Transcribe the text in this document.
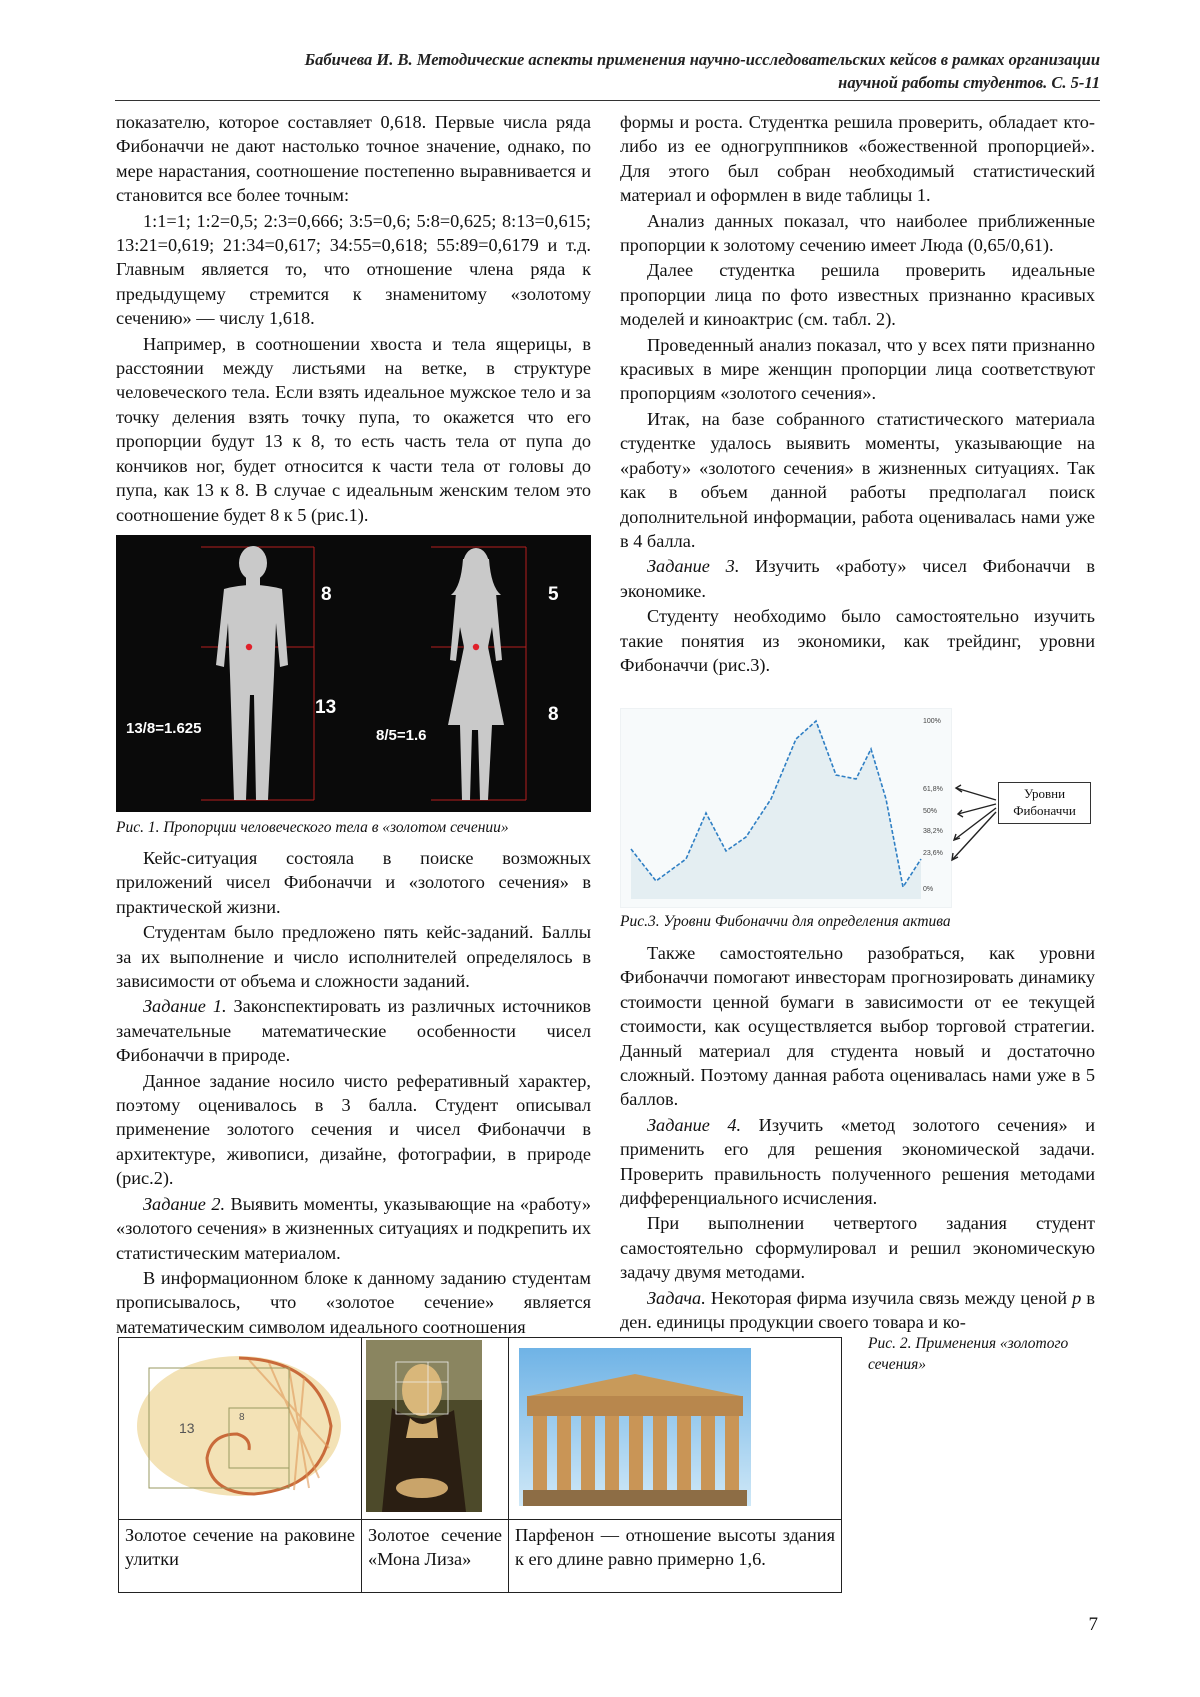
Бабичева И. В. Методические аспекты применения научно-исследовательских кейсов в рамках организации
научной работы студентов. С. 5-11

показателю, которое составляет 0,618. Первые числа ряда Фибоначчи не дают настолько точное значение, однако, по мере нарастания, соотношение постепенно выравнивается и становится все более точным:

1:1=1; 1:2=0,5; 2:3=0,666; 3:5=0,6; 5:8=0,625; 8:13=0,615; 13:21=0,619; 21:34=0,617; 34:55=0,618; 55:89=0,6179 и т.д. Главным является то, что отношение члена ряда к предыдущему стремится к знаменитому «золотому сечению» — числу 1,618.

Например, в соотношении хвоста и тела ящерицы, в расстоянии между листьями на ветке, в структуре человеческого тела. Если взять идеальное мужское тело и за точку деления взять точку пупа, то окажется что его пропорции будут 13 к 8, то есть часть тела от пупа до кончиков ног, будет относится к части тела от головы до пупа, как 13 к 8. В случае с идеальным женским телом это соотношение будет 8 к 5 (рис.1).

8
13
13/8=1.625
5
8
8/5=1.6
Рис. 1. Пропорции человеческого тела в «золотом сечении»

Кейс-ситуация состояла в поиске возможных приложений чисел Фибоначчи и «золотого сечения» в практической жизни.

Студентам было предложено пять кейс-заданий. Баллы за их выполнение и число исполнителей определялось в зависимости от объема и сложности заданий.

Задание 1. Законспектировать из различных источников замечательные математические особенности чисел Фибоначчи в природе.

Данное задание носило чисто реферативный характер, поэтому оценивалось в 3 балла. Студент описывал применение золотого сечения и чисел Фибоначчи в архитектуре, живописи, дизайне, фотографии, в природе (рис.2).

Задание 2. Выявить моменты, указывающие на «работу» «золотого сечения» в жизненных ситуациях и подкрепить их статистическим материалом.

В информационном блоке к данному заданию студентам прописывалось, что «золотое сечение» является математическим символом идеального соотношения

формы и роста. Студентка решила проверить, обладает кто-либо из ее одногруппников «божественной пропорцией». Для этого был собран необходимый статистический материал и оформлен в виде таблицы 1.

Анализ данных показал, что наиболее приближенные пропорции к золотому сечению имеет Люда (0,65/0,61).

Далее студентка решила проверить идеальные пропорции лица по фото известных признанно красивых моделей и киноактрис (см. табл. 2).

Проведенный анализ показал, что у всех пяти признанно красивых в мире женщин пропорции лица соответствуют пропорциям «золотого сечения».

Итак, на базе собранного статистического материала студентке удалось выявить моменты, указывающие на «работу» «золотого сечения» в жизненных ситуациях. Так как в объем данной работы предполагал поиск дополнительной информации, работа оценивалась нами уже в 4 балла.

Задание 3. Изучить «работу» чисел Фибоначчи в экономике.

Студенту необходимо было самостоятельно изучить такие понятия из экономики, как трейдинг, уровни Фибоначчи (рис.3).

100%
61,8%
50%
38,2%
23,6%
0%
Уровни
Фибоначчи
Рис.3. Уровни Фибоначчи для определения актива

Также самостоятельно разобраться, как уровни Фибоначчи помогают инвесторам прогнозировать динамику стоимости ценной бумаги в зависимости от ее текущей стоимости, как осуществляется выбор торговой стратегии. Данный материал для студента новый и достаточно сложный. Поэтому данная работа оценивалась нами уже в 5 баллов.

Задание 4. Изучить «метод золотого сечения» и применить его для решения экономической задачи. Проверить правильность полученного решения методами дифференциального исчисления.

При выполнении четвертого задания студент самостоятельно сформулировал и решил экономическую задачу двумя методами.

Задача. Некоторая фирма изучила связь между ценой p в ден. единицы продукции своего товара и ко-

13
8

Золотое сечение на раковине улитки	Золотое сечение «Мона Лиза»	Парфенон — отношение высоты здания к его длине равно примерно 1,6.
Рис. 2. Применения «золотого сечения»
7
